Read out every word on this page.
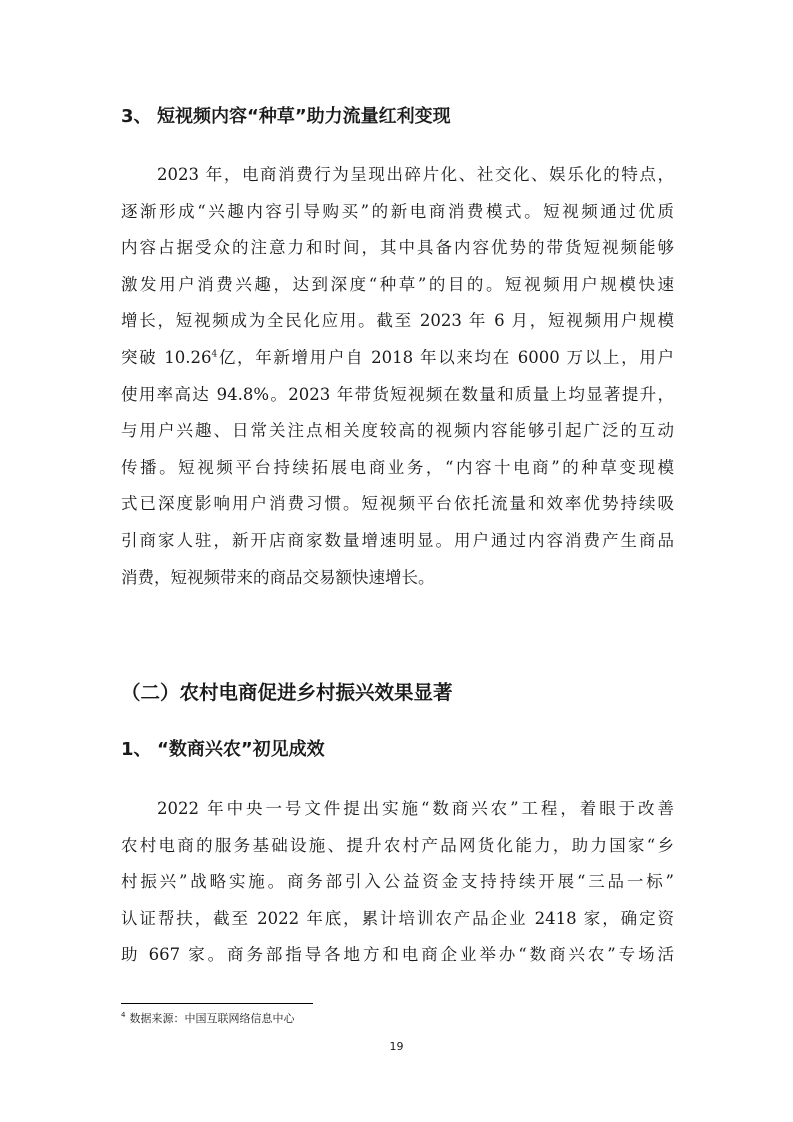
3、 短视频内容“种草”助力流量红利变现
2023 年，电商消费行为呈现出碎片化、社交化、娱乐化的特点，
逐渐形成“兴趣内容引导购买”的新电商消费模式。短视频通过优质
内容占据受众的注意力和时间，其中具备内容优势的带货短视频能够
激发用户消费兴趣，达到深度“种草”的目的。短视频用户规模快速
增长，短视频成为全民化应用。截至 2023 年 6 月，短视频用户规模
突破 10.26$^4$亿，年新增用户自 2018 年以来均在 6000 万以上，用户
使用率高达 94.8%。2023 年带货短视频在数量和质量上均显著提升，
与用户兴趣、日常关注点相关度较高的视频内容能够引起广泛的互动
传播。短视频平台持续拓展电商业务，“内容十电商”的种草变现模
式已深度影响用户消费习惯。短视频平台依托流量和效率优势持续吸
引商家人驻，新开店商家数量增速明显。用户通过内容消费产生商品
消费，短视频带来的商品交易额快速增长。
（二）农村电商促进乡村振兴效果显著
1、 “数商兴农”初见成效
2022 年中央一号文件提出实施“数商兴农”工程，着眼于改善
农村电商的服务基础设施、提升农村产品网货化能力，助力国家“乡
村振兴”战略实施。商务部引入公益资金支持持续开展“三品一标”
认证帮扶，截至 2022 年底，累计培训农产品企业 2418 家，确定资
助 667 家。商务部指导各地方和电商企业举办“数商兴农”专场活

$^4$ 数据来源：中国互联网络信息中心

19
